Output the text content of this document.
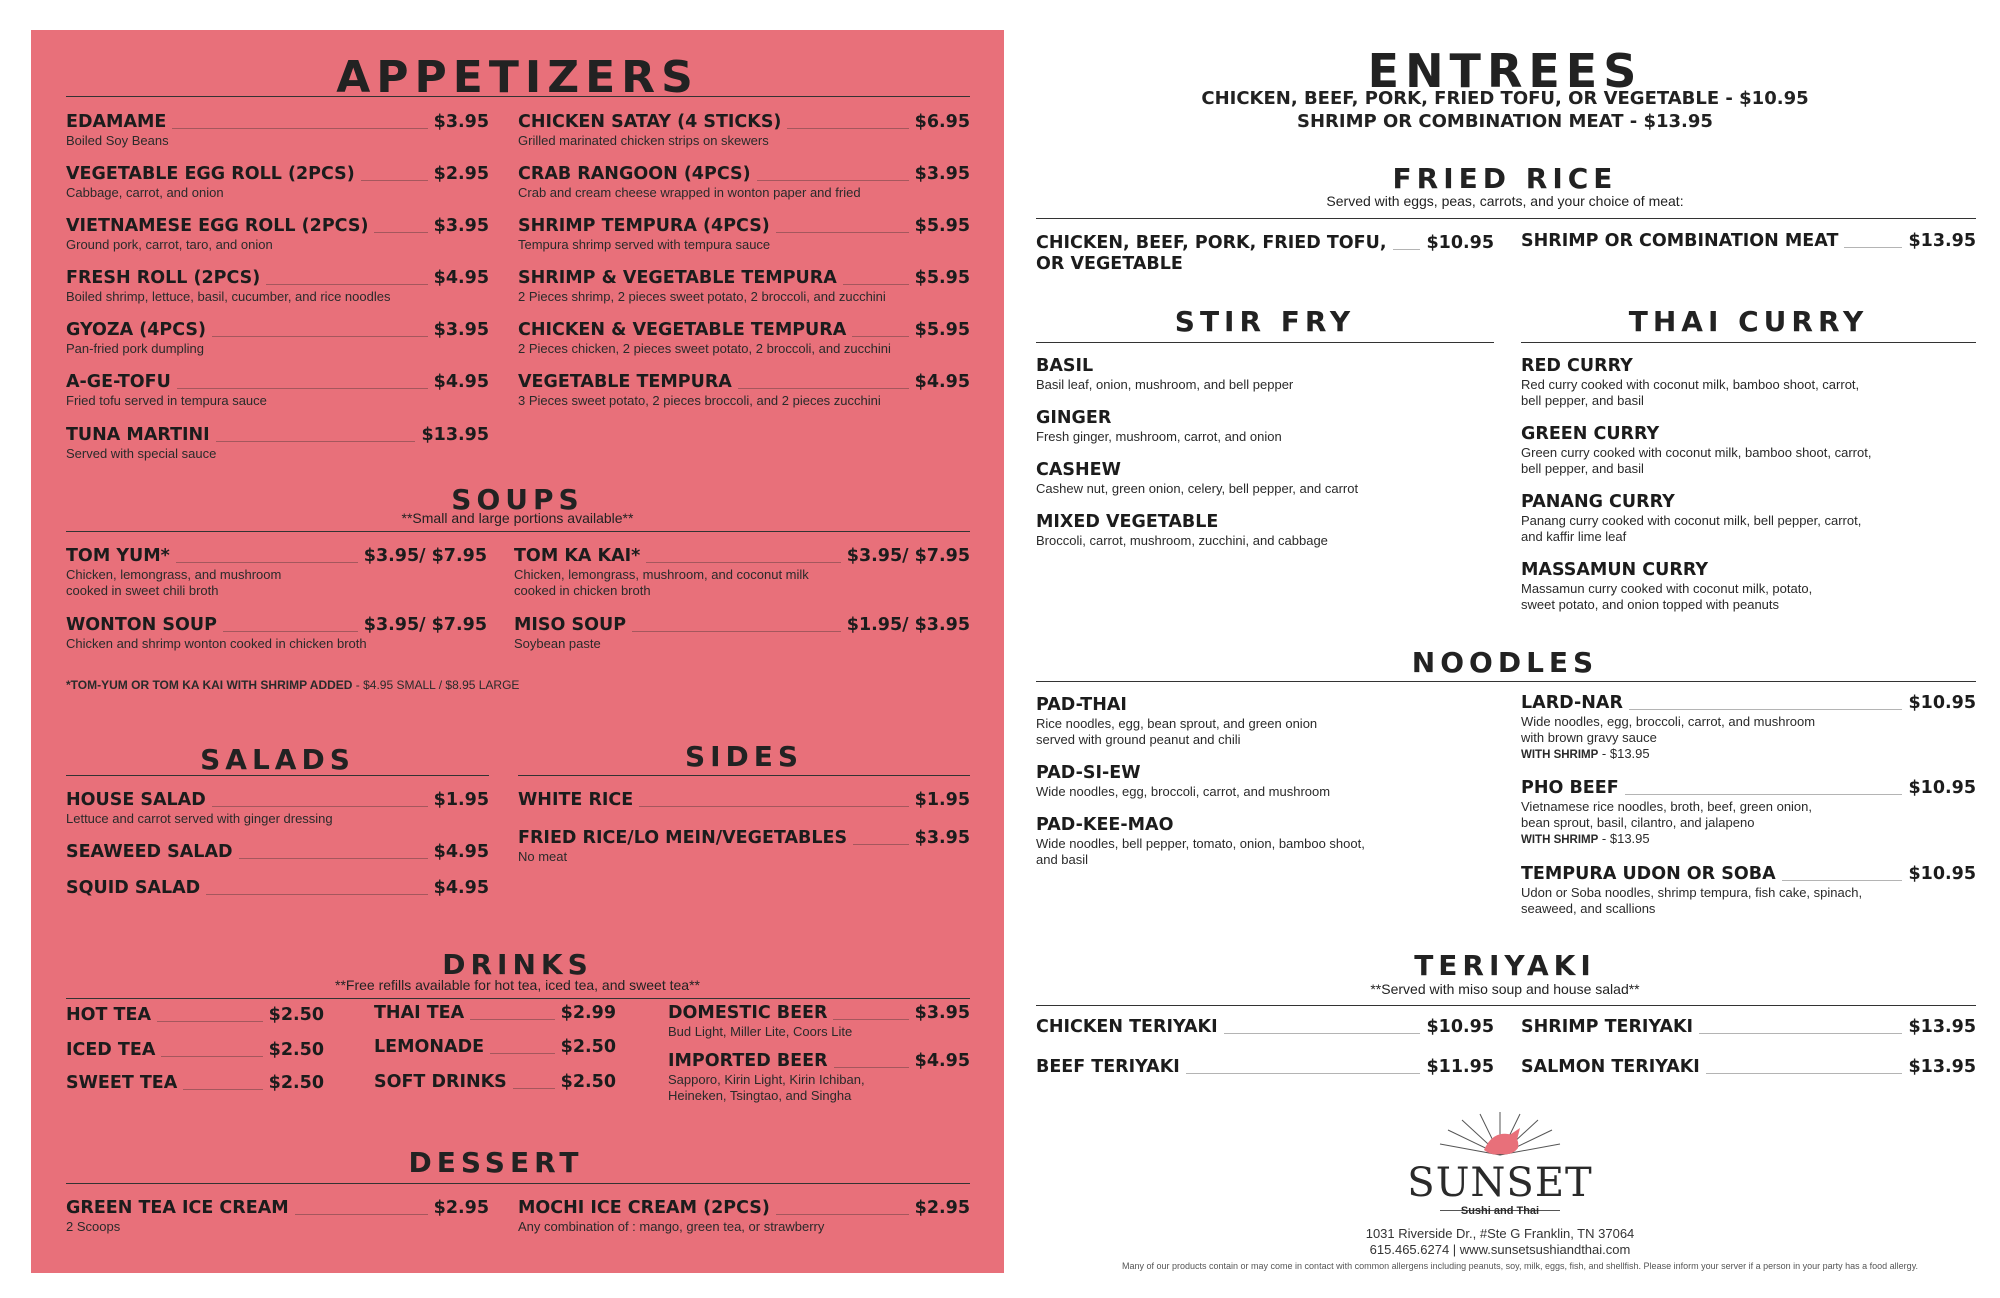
APPETIZERS
EDAMAME	$3.95
Boiled Soy Beans
VEGETABLE EGG ROLL (2PCS)	$2.95
Cabbage, carrot, and onion
VIETNAMESE EGG ROLL (2PCS)	$3.95
Ground pork, carrot, taro, and onion
FRESH ROLL (2PCS)	$4.95
Boiled shrimp, lettuce, basil, cucumber, and rice noodles
GYOZA (4PCS)	$3.95
Pan-fried pork dumpling
A-GE-TOFU	$4.95
Fried tofu served in tempura sauce
TUNA MARTINI	$13.95
Served with special sauce
CHICKEN SATAY (4 STICKS)	$6.95
Grilled marinated chicken strips on skewers
CRAB RANGOON (4PCS)	$3.95
Crab and cream cheese wrapped in wonton paper and fried
SHRIMP TEMPURA (4PCS)	$5.95
Tempura shrimp served with tempura sauce
SHRIMP & VEGETABLE TEMPURA	$5.95
2 Pieces shrimp, 2 pieces sweet potato, 2 broccoli, and zucchini
CHICKEN & VEGETABLE TEMPURA	$5.95
2 Pieces chicken, 2 pieces sweet potato, 2 broccoli, and zucchini
VEGETABLE TEMPURA	$4.95
3 Pieces sweet potato, 2 pieces broccoli, and 2 pieces zucchini
SOUPS
**Small and large portions available**
TOM YUM*	$3.95/ $7.95
Chicken, lemongrass, and mushroom
cooked in sweet chili broth
WONTON SOUP	$3.95/ $7.95
Chicken and shrimp wonton cooked in chicken broth
TOM KA KAI*	$3.95/ $7.95
Chicken, lemongrass, mushroom, and coconut milk
cooked in chicken broth
MISO SOUP	$1.95/ $3.95
Soybean paste
*TOM-YUM OR TOM KA KAI WITH SHRIMP ADDED - $4.95 SMALL / $8.95 LARGE
SALADS
HOUSE SALAD	$1.95
Lettuce and carrot served with ginger dressing
SEAWEED SALAD	$4.95
SQUID SALAD	$4.95
SIDES
WHITE RICE	$1.95
FRIED RICE/LO MEIN/VEGETABLES	$3.95
No meat
DRINKS
**Free refills available for hot tea, iced tea, and sweet tea**
HOT TEA	$2.50
ICED TEA	$2.50
SWEET TEA	$2.50
THAI TEA	$2.99
LEMONADE	$2.50
SOFT DRINKS	$2.50
DOMESTIC BEER	$3.95
Bud Light, Miller Lite, Coors Lite
IMPORTED BEER	$4.95
Sapporo, Kirin Light, Kirin Ichiban,
Heineken, Tsingtao, and Singha
DESSERT
GREEN TEA ICE CREAM	$2.95
2 Scoops
MOCHI ICE CREAM (2PCS)	$2.95
Any combination of : mango, green tea, or strawberry
ENTREES
CHICKEN, BEEF, PORK, FRIED TOFU, OR VEGETABLE - $10.95
SHRIMP OR COMBINATION MEAT - $13.95
FRIED RICE
Served with eggs, peas, carrots, and your choice of meat:
CHICKEN, BEEF, PORK, FRIED TOFU, $10.95
OR VEGETABLE
SHRIMP OR COMBINATION MEAT	$13.95
STIR FRY
BASIL
Basil leaf, onion, mushroom, and bell pepper
GINGER
Fresh ginger, mushroom, carrot, and onion
CASHEW
Cashew nut, green onion, celery, bell pepper, and carrot
MIXED VEGETABLE
Broccoli, carrot, mushroom, zucchini, and cabbage
THAI CURRY
RED CURRY
Red curry cooked with coconut milk, bamboo shoot, carrot,
bell pepper, and basil
GREEN CURRY
Green curry cooked with coconut milk, bamboo shoot, carrot,
bell pepper, and basil
PANANG CURRY
Panang curry cooked with coconut milk, bell pepper, carrot,
and kaffir lime leaf
MASSAMUN CURRY
Massamun curry cooked with coconut milk, potato,
sweet potato, and onion topped with peanuts
NOODLES
PAD-THAI
Rice noodles, egg, bean sprout, and green onion
served with ground peanut and chili
PAD-SI-EW
Wide noodles, egg, broccoli, carrot, and mushroom
PAD-KEE-MAO
Wide noodles, bell pepper, tomato, onion, bamboo shoot,
and basil
LARD-NAR	$10.95
Wide noodles, egg, broccoli, carrot, and mushroom
with brown gravy sauce
WITH SHRIMP - $13.95
PHO BEEF	$10.95
Vietnamese rice noodles, broth, beef, green onion,
bean sprout, basil, cilantro, and jalapeno
WITH SHRIMP - $13.95
TEMPURA UDON OR SOBA	$10.95
Udon or Soba noodles, shrimp tempura, fish cake, spinach,
seaweed, and scallions
TERIYAKI
**Served with miso soup and house salad**
CHICKEN TERIYAKI	$10.95
BEEF TERIYAKI	$11.95
SHRIMP TERIYAKI	$13.95
SALMON TERIYAKI	$13.95
SUNSET
Sushi and Thai
1031 Riverside Dr., #Ste G Franklin, TN 37064
615.465.6274 | www.sunsetsushiandthai.com
Many of our products contain or may come in contact with common allergens including peanuts, soy, milk, eggs, fish, and shellfish. Please inform your server if a person in your party has a food allergy.
